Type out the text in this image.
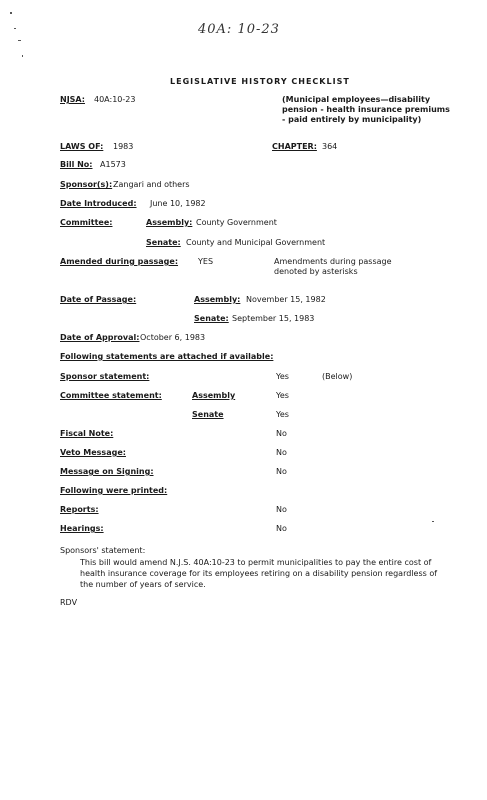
40A: 10-23
LEGISLATIVE HISTORY CHECKLIST
NJSA: 40A:10-23	(Municipal employees—disability pension - health insurance premiums - paid entirely by municipality)
LAWS OF: 1983	CHAPTER: 364
Bill No: A1573
Sponsor(s): Zangari and others
Date Introduced: June 10, 1982
Committee:	Assembly: County Government
Senate: County and Municipal Government
Amended during passage: YES	Amendments during passage denoted by asterisks
Date of Passage:	Assembly: November 15, 1982
Senate: September 15, 1983
Date of Approval: October 6, 1983
Following statements are attached if available:
Sponsor statement:	Yes	(Below)
Committee statement:	Assembly	Yes
Senate	Yes
Fiscal Note:	No
Veto Message:	No
Message on Signing:	No
Following were printed:
Reports:	No
Hearings:	No
Sponsors' statement:
This bill would amend N.J.S. 40A:10-23 to permit municipalities to pay the entire cost of health insurance coverage for its employees retiring on a disability pension regardless of the number of years of service.
RDV
